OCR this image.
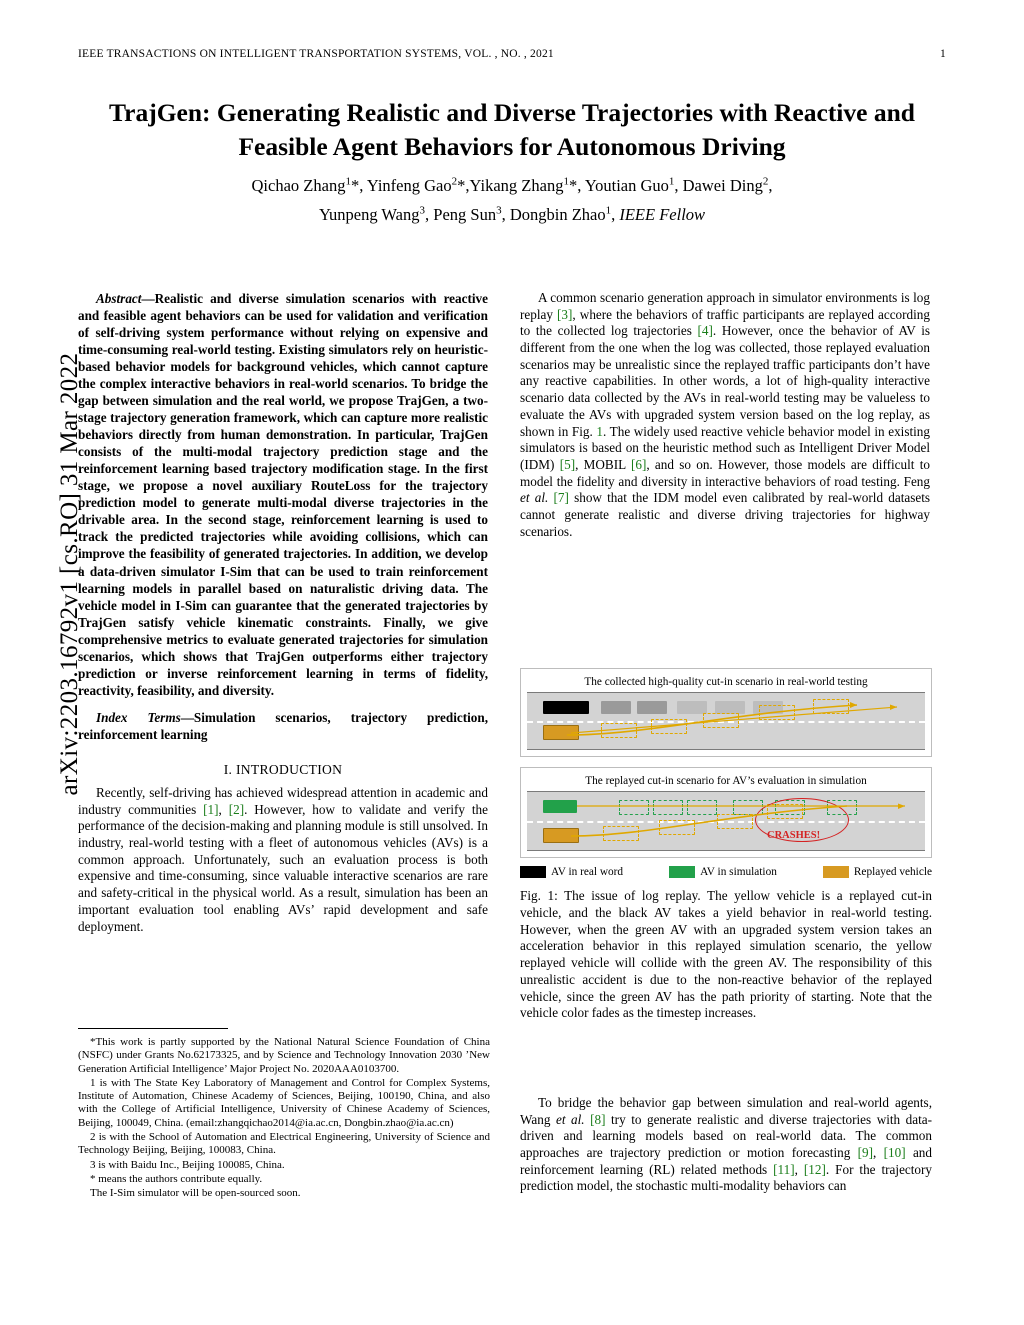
arXiv:2203.16792v1 [cs.RO] 31 Mar 2022
IEEE TRANSACTIONS ON INTELLIGENT TRANSPORTATION SYSTEMS, VOL. , NO. , 2021	1
TrajGen: Generating Realistic and Diverse Trajectories with Reactive and Feasible Agent Behaviors for Autonomous Driving
Qichao Zhang$^1$*, Yinfeng Gao$^2$*,Yikang Zhang$^1$*, Youtian Guo$^1$, Dawei Ding$^2$,
Yunpeng Wang$^3$, Peng Sun$^3$, Dongbin Zhao$^1$, IEEE Fellow

Abstract—Realistic and diverse simulation scenarios with reactive and feasible agent behaviors can be used for validation and verification of self-driving system performance without relying on expensive and time-consuming real-world testing. Existing simulators rely on heuristic-based behavior models for background vehicles, which cannot capture the complex interactive behaviors in real-world scenarios. To bridge the gap between simulation and the real world, we propose TrajGen, a two-stage trajectory generation framework, which can capture more realistic behaviors directly from human demonstration. In particular, TrajGen consists of the multi-modal trajectory prediction stage and the reinforcement learning based trajectory modification stage. In the first stage, we propose a novel auxiliary RouteLoss for the trajectory prediction model to generate multi-modal diverse trajectories in the drivable area. In the second stage, reinforcement learning is used to track the predicted trajectories while avoiding collisions, which can improve the feasibility of generated trajectories. In addition, we develop a data-driven simulator I-Sim that can be used to train reinforcement learning models in parallel based on naturalistic driving data. The vehicle model in I-Sim can guarantee that the generated trajectories by TrajGen satisfy vehicle kinematic constraints. Finally, we give comprehensive metrics to evaluate generated trajectories for simulation scenarios, which shows that TrajGen outperforms either trajectory prediction or inverse reinforcement learning in terms of fidelity, reactivity, feasibility, and diversity.

Index Terms—Simulation scenarios, trajectory prediction, reinforcement learning

I. INTRODUCTION

Recently, self-driving has achieved widespread attention in academic and industry communities [1], [2]. However, how to validate and verify the performance of the decision-making and planning module is still unsolved. In industry, real-world testing with a fleet of autonomous vehicles (AVs) is a common approach. Unfortunately, such an evaluation process is both expensive and time-consuming, since valuable interactive scenarios are rare and safety-critical in the physical world. As a result, simulation has been an important evaluation tool enabling AVs’ rapid development and safe deployment.

*This work is partly supported by the National Natural Science Foundation of China (NSFC) under Grants No.62173325, and by Science and Technology Innovation 2030 ’New Generation Artificial Intelligence’ Major Project No. 2020AAA0103700.

1 is with The State Key Laboratory of Management and Control for Complex Systems, Institute of Automation, Chinese Academy of Sciences, Beijing, 100190, China, and also with the College of Artificial Intelligence, University of Chinese Academy of Sciences, Beijing, 100049, China. (email:zhangqichao2014@ia.ac.cn, Dongbin.zhao@ia.ac.cn)

2 is with the School of Automation and Electrical Engineering, University of Science and Technology Beijing, Beijing, 100083, China.

3 is with Baidu Inc., Beijing 100085, China.

* means the authors contribute equally.

The I-Sim simulator will be open-sourced soon.

A common scenario generation approach in simulator environments is log replay [3], where the behaviors of traffic participants are replayed according to the collected log trajectories [4]. However, once the behavior of AV is different from the one when the log was collected, those replayed evaluation scenarios may be unrealistic since the replayed traffic participants don’t have any reactive capabilities. In other words, a lot of high-quality interactive scenario data collected by the AVs in real-world testing may be valueless to evaluate the AVs with upgraded system version based on the log replay, as shown in Fig. 1. The widely used reactive vehicle behavior model in existing simulators is based on the heuristic method such as Intelligent Driver Model (IDM) [5], MOBIL [6], and so on. However, those models are difficult to model the fidelity and diversity in interactive behaviors of road testing. Feng et al. [7] show that the IDM model even calibrated by real-world datasets cannot generate realistic and diverse driving trajectories for highway scenarios.

The collected high-quality cut-in scenario in real-world testing
The replayed cut-in scenario for AV’s evaluation in simulation
CRASHES!
AV in real word	AV in simulation	Replayed vehicle
Fig. 1: The issue of log replay. The yellow vehicle is a replayed cut-in vehicle, and the black AV takes a yield behavior in real-world testing. However, when the green AV with an upgraded system version takes an acceleration behavior in this replayed simulation scenario, the yellow replayed vehicle will collide with the green AV. The responsibility of this unrealistic accident is due to the non-reactive behavior of the replayed vehicle, since the green AV has the path priority of starting. Note that the vehicle color fades as the timestep increases.

To bridge the behavior gap between simulation and real-world agents, Wang et al. [8] try to generate realistic and diverse trajectories with data-driven and learning models based on real-world data. The common approaches are trajectory prediction or motion forecasting [9], [10] and reinforcement learning (RL) related methods [11], [12]. For the trajectory prediction model, the stochastic multi-modality behaviors can
